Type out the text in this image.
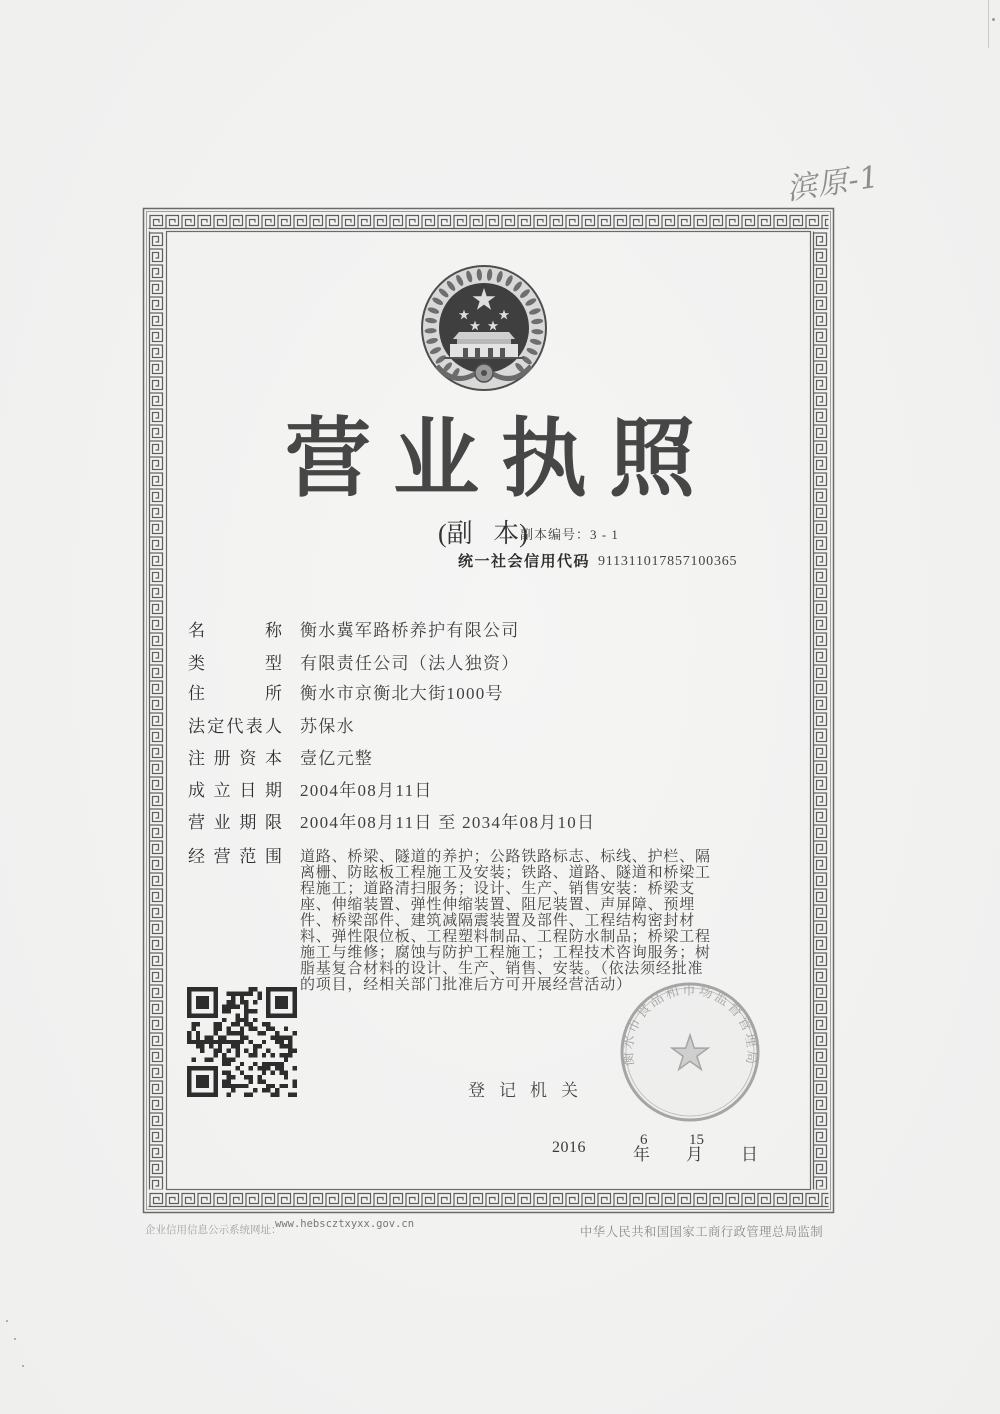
滨原-1
营业执照
(副 本)
副本编号：3 - 1
统一社会信用代码 911311017857100365
名称 衡水冀军路桥养护有限公司
类型 有限责任公司（法人独资）
住所 衡水市京衡北大街1000号
法定代表人 苏保水
注册资本 壹亿元整
成立日期 2004年08月11日
营业期限 2004年08月11日 至 2034年08月10日
经营范围 道路、桥梁、隧道的养护；公路铁路标志、标线、护栏、隔
离栅、防眩板工程施工及安装；铁路、道路、隧道和桥梁工
程施工；道路清扫服务；设计、生产、销售安装：桥梁支
座、伸缩装置、弹性伸缩装置、阻尼装置、声屏障、预埋
件、桥梁部件、建筑减隔震装置及部件、工程结构密封材
料、弹性限位板、工程塑料制品、工程防水制品；桥梁工程
施工与维修；腐蚀与防护工程施工；工程技术咨询服务；树
脂基复合材料的设计、生产、销售、安装。（依法须经批准
的项目，经相关部门批准后方可开展经营活动）
登记机关
衡水市食品和市场监督管理局
2016	6	15
年 月 日
企业信用信息公示系统网址：
www.hebscztxyxx.gov.cn
中华人民共和国国家工商行政管理总局监制
